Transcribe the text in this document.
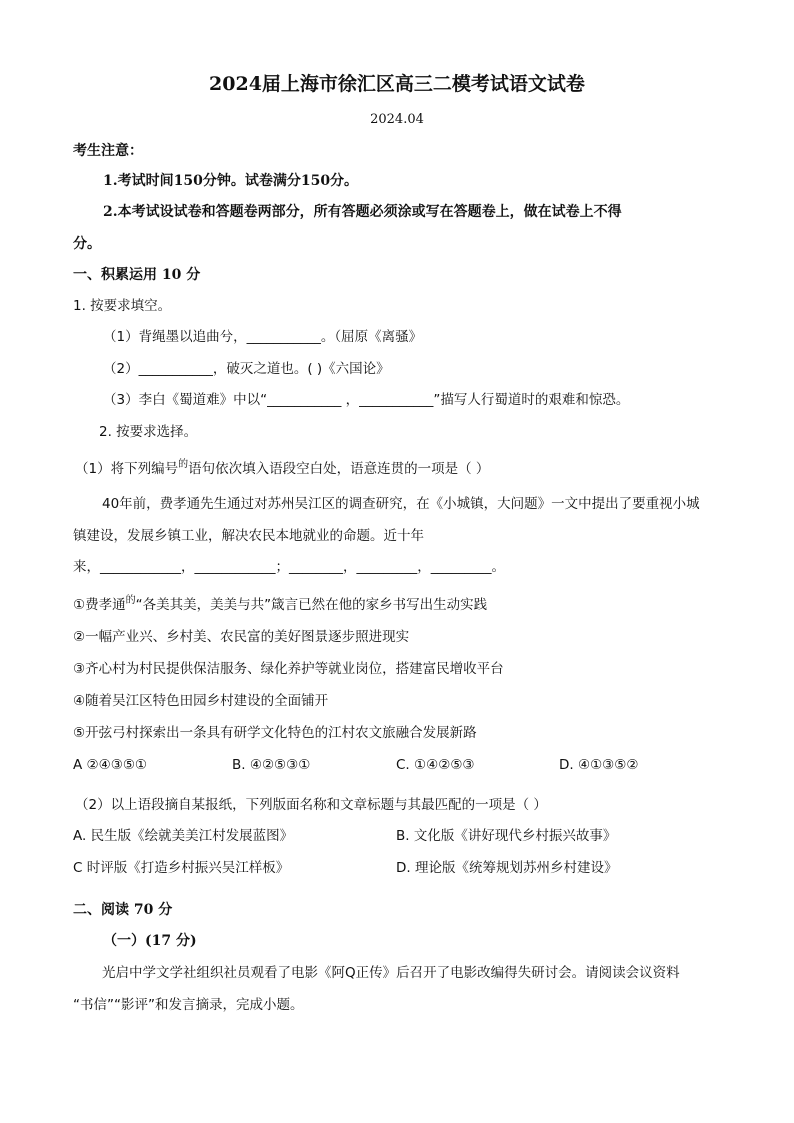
2024届上海市徐汇区高三二模考试语文试卷
2024.04
考生注意：
1.考试时间150分钟。试卷满分150分。
2.本考试设试卷和答题卷两部分，所有答题必须涂或写在答题卷上，做在试卷上不得
分。
一、积累运用 10 分
1. 按要求填空。
（1）背绳墨以追曲兮，___________。（屈原《离骚》
（2）___________，破灭之道也。( )《六国论》
（3）李白《蜀道难》中以“___________ ，___________”描写人行蜀道时的艰难和惊恐。
2. 按要求选择。
（1）将下列编号$^的$语句依次填入语段空白处，语意连贯的一项是（ ）
40年前，费孝通先生通过对苏州吴江区的调查研究，在《小城镇，大问题》一文中提出了要重视小城
镇建设，发展乡镇工业，解决农民本地就业的命题。近十年
来，____________，____________；________，_________，_________。
①费孝通$^的$“各美其美，美美与共”箴言已然在他的家乡书写出生动实践
②一幅产业兴、乡村美、农民富的美好图景逐步照进现实
③齐心村为村民提供保洁服务、绿化养护等就业岗位，搭建富民增收平台
④随着吴江区特色田园乡村建设的全面铺开
⑤开弦弓村探索出一条具有研学文化特色的江村农文旅融合发展新路
A ②④③⑤①	B. ④②⑤③①	C. ①④②⑤③	D. ④①③⑤②
（2）以上语段摘自某报纸，下列版面名称和文章标题与其最匹配的一项是（ ）
A. 民生版《绘就美美江村发展蓝图》	B. 文化版《讲好现代乡村振兴故事》
C 时评版《打造乡村振兴吴江样板》	D. 理论版《统筹规划苏州乡村建设》
二、阅读 70 分
（一）(17 分)
光启中学文学社组织社员观看了电影《阿Q正传》后召开了电影改编得失研讨会。请阅读会议资料
“书信”“影评”和发言摘录，完成小题。
